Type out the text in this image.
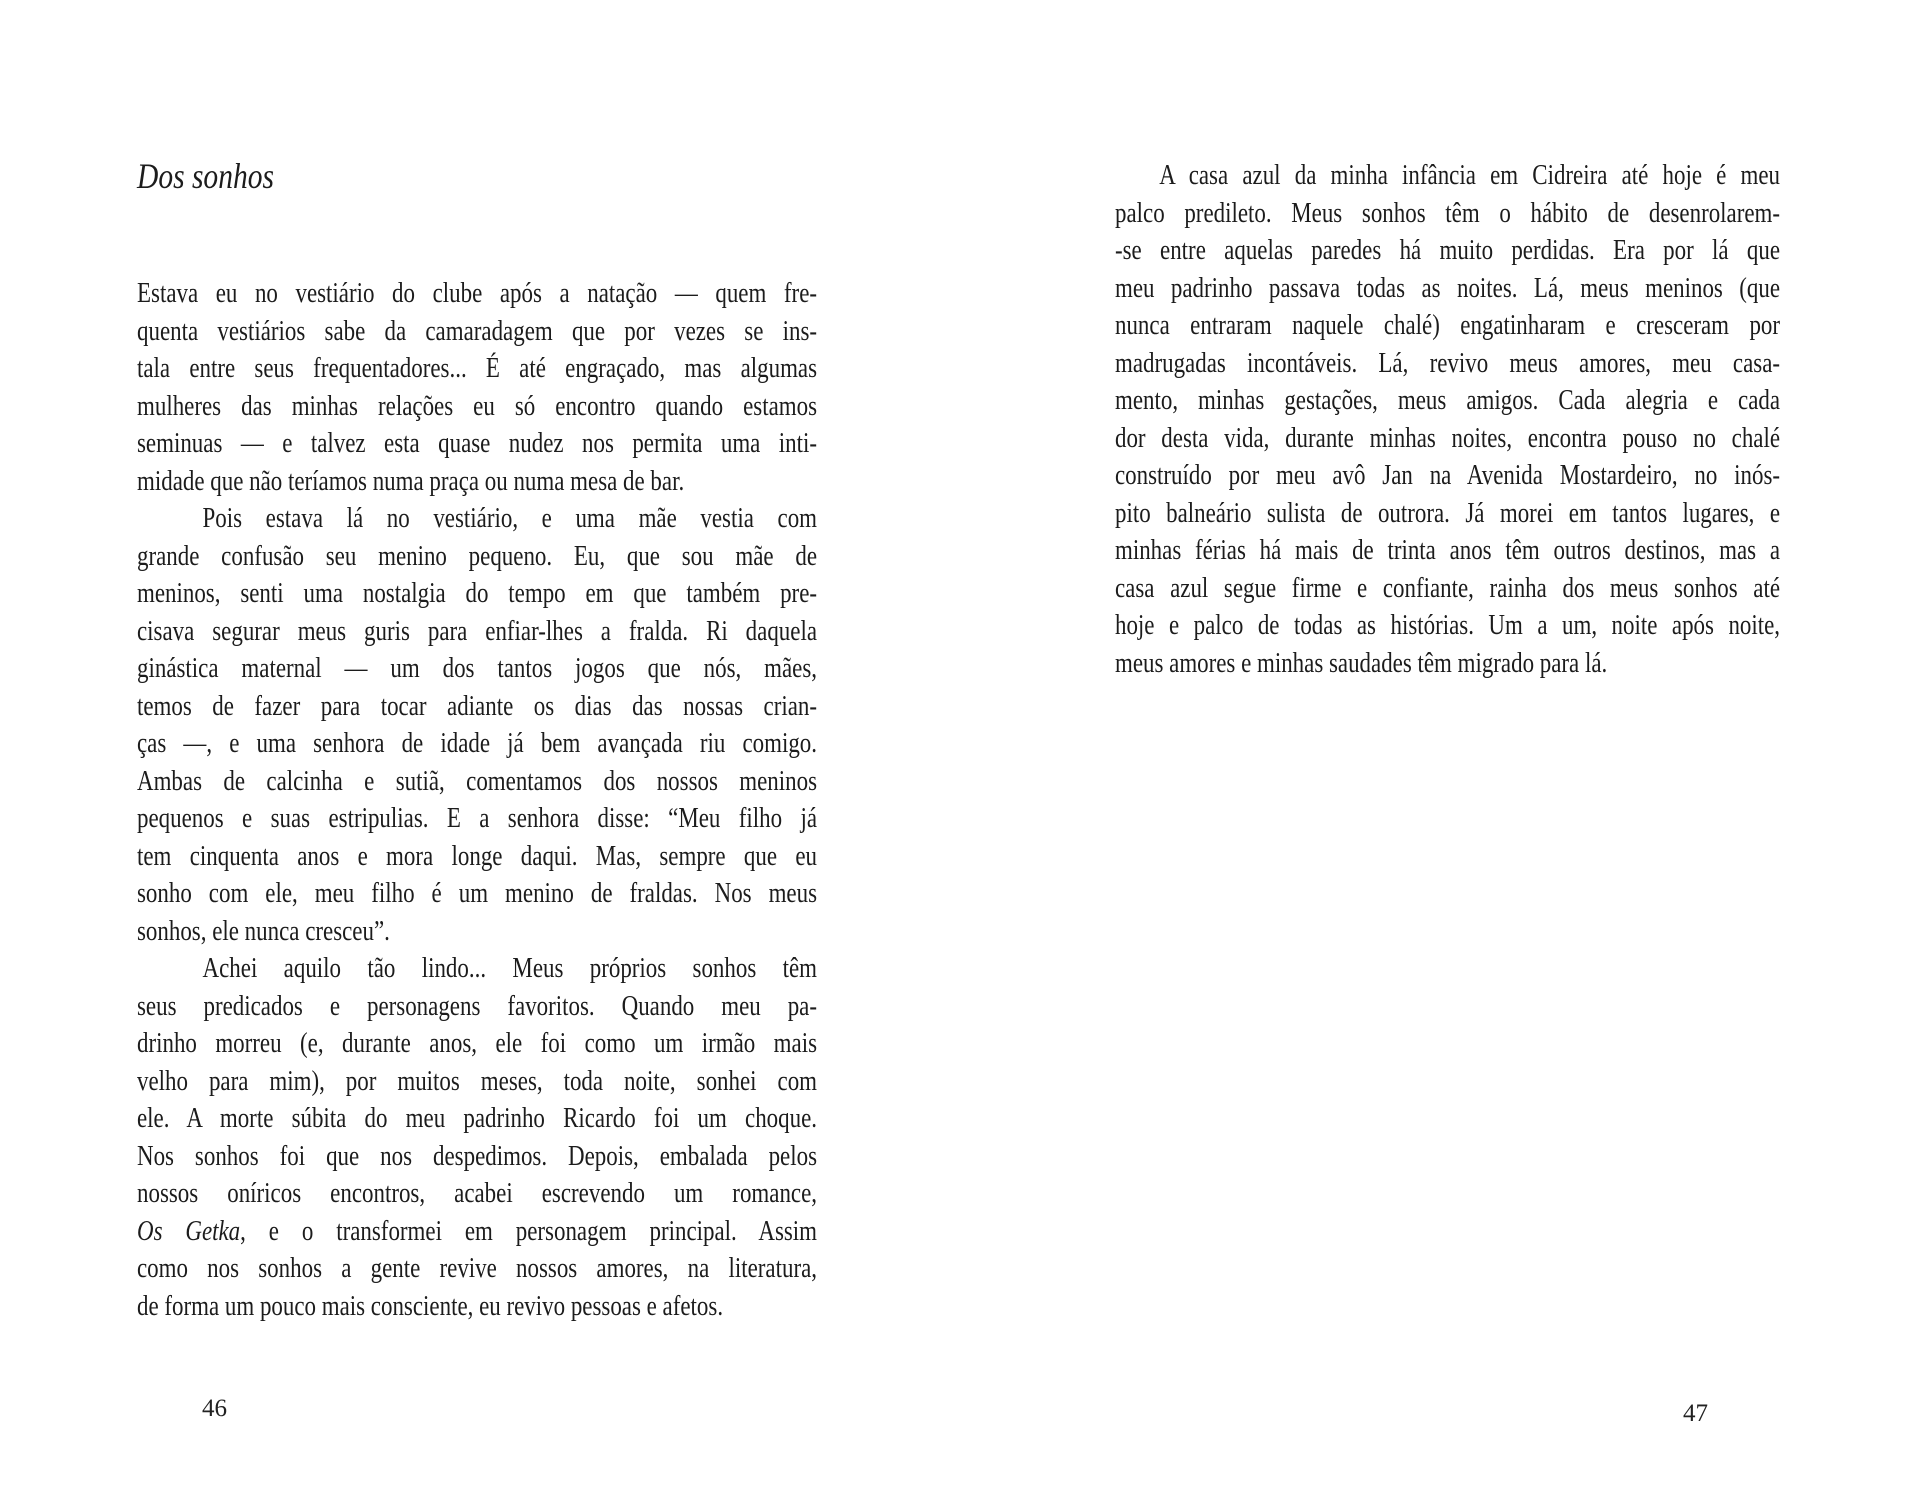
Dos sonhos
Estava eu no vestiário do clube após a natação — quem fre-
quenta vestiários sabe da camaradagem que por vezes se ins-
tala entre seus frequentadores... É até engraçado, mas algumas
mulheres das minhas relações eu só encontro quando estamos
seminuas — e talvez esta quase nudez nos permita uma inti-
midade que não teríamos numa praça ou numa mesa de bar.
Pois estava lá no vestiário, e uma mãe vestia com
grande confusão seu menino pequeno. Eu, que sou mãe de
meninos, senti uma nostalgia do tempo em que também pre-
cisava segurar meus guris para enfiar-lhes a fralda. Ri daquela
ginástica maternal — um dos tantos jogos que nós, mães,
temos de fazer para tocar adiante os dias das nossas crian-
ças —, e uma senhora de idade já bem avançada riu comigo.
Ambas de calcinha e sutiã, comentamos dos nossos meninos
pequenos e suas estripulias. E a senhora disse: “Meu filho já
tem cinquenta anos e mora longe daqui. Mas, sempre que eu
sonho com ele, meu filho é um menino de fraldas. Nos meus
sonhos, ele nunca cresceu”.
Achei aquilo tão lindo... Meus próprios sonhos têm
seus predicados e personagens favoritos. Quando meu pa-
drinho morreu (e, durante anos, ele foi como um irmão mais
velho para mim), por muitos meses, toda noite, sonhei com
ele. A morte súbita do meu padrinho Ricardo foi um choque.
Nos sonhos foi que nos despedimos. Depois, embalada pelos
nossos oníricos encontros, acabei escrevendo um romance,
Os Getka, e o transformei em personagem principal. Assim
como nos sonhos a gente revive nossos amores, na literatura,
de forma um pouco mais consciente, eu revivo pessoas e afetos.
A casa azul da minha infância em Cidreira até hoje é meu
palco predileto. Meus sonhos têm o hábito de desenrolarem-
-se entre aquelas paredes há muito perdidas. Era por lá que
meu padrinho passava todas as noites. Lá, meus meninos (que
nunca entraram naquele chalé) engatinharam e cresceram por
madrugadas incontáveis. Lá, revivo meus amores, meu casa-
mento, minhas gestações, meus amigos. Cada alegria e cada
dor desta vida, durante minhas noites, encontra pouso no chalé
construído por meu avô Jan na Avenida Mostardeiro, no inós-
pito balneário sulista de outrora. Já morei em tantos lugares, e
minhas férias há mais de trinta anos têm outros destinos, mas a
casa azul segue firme e confiante, rainha dos meus sonhos até
hoje e palco de todas as histórias. Um a um, noite após noite,
meus amores e minhas saudades têm migrado para lá.
46	47
